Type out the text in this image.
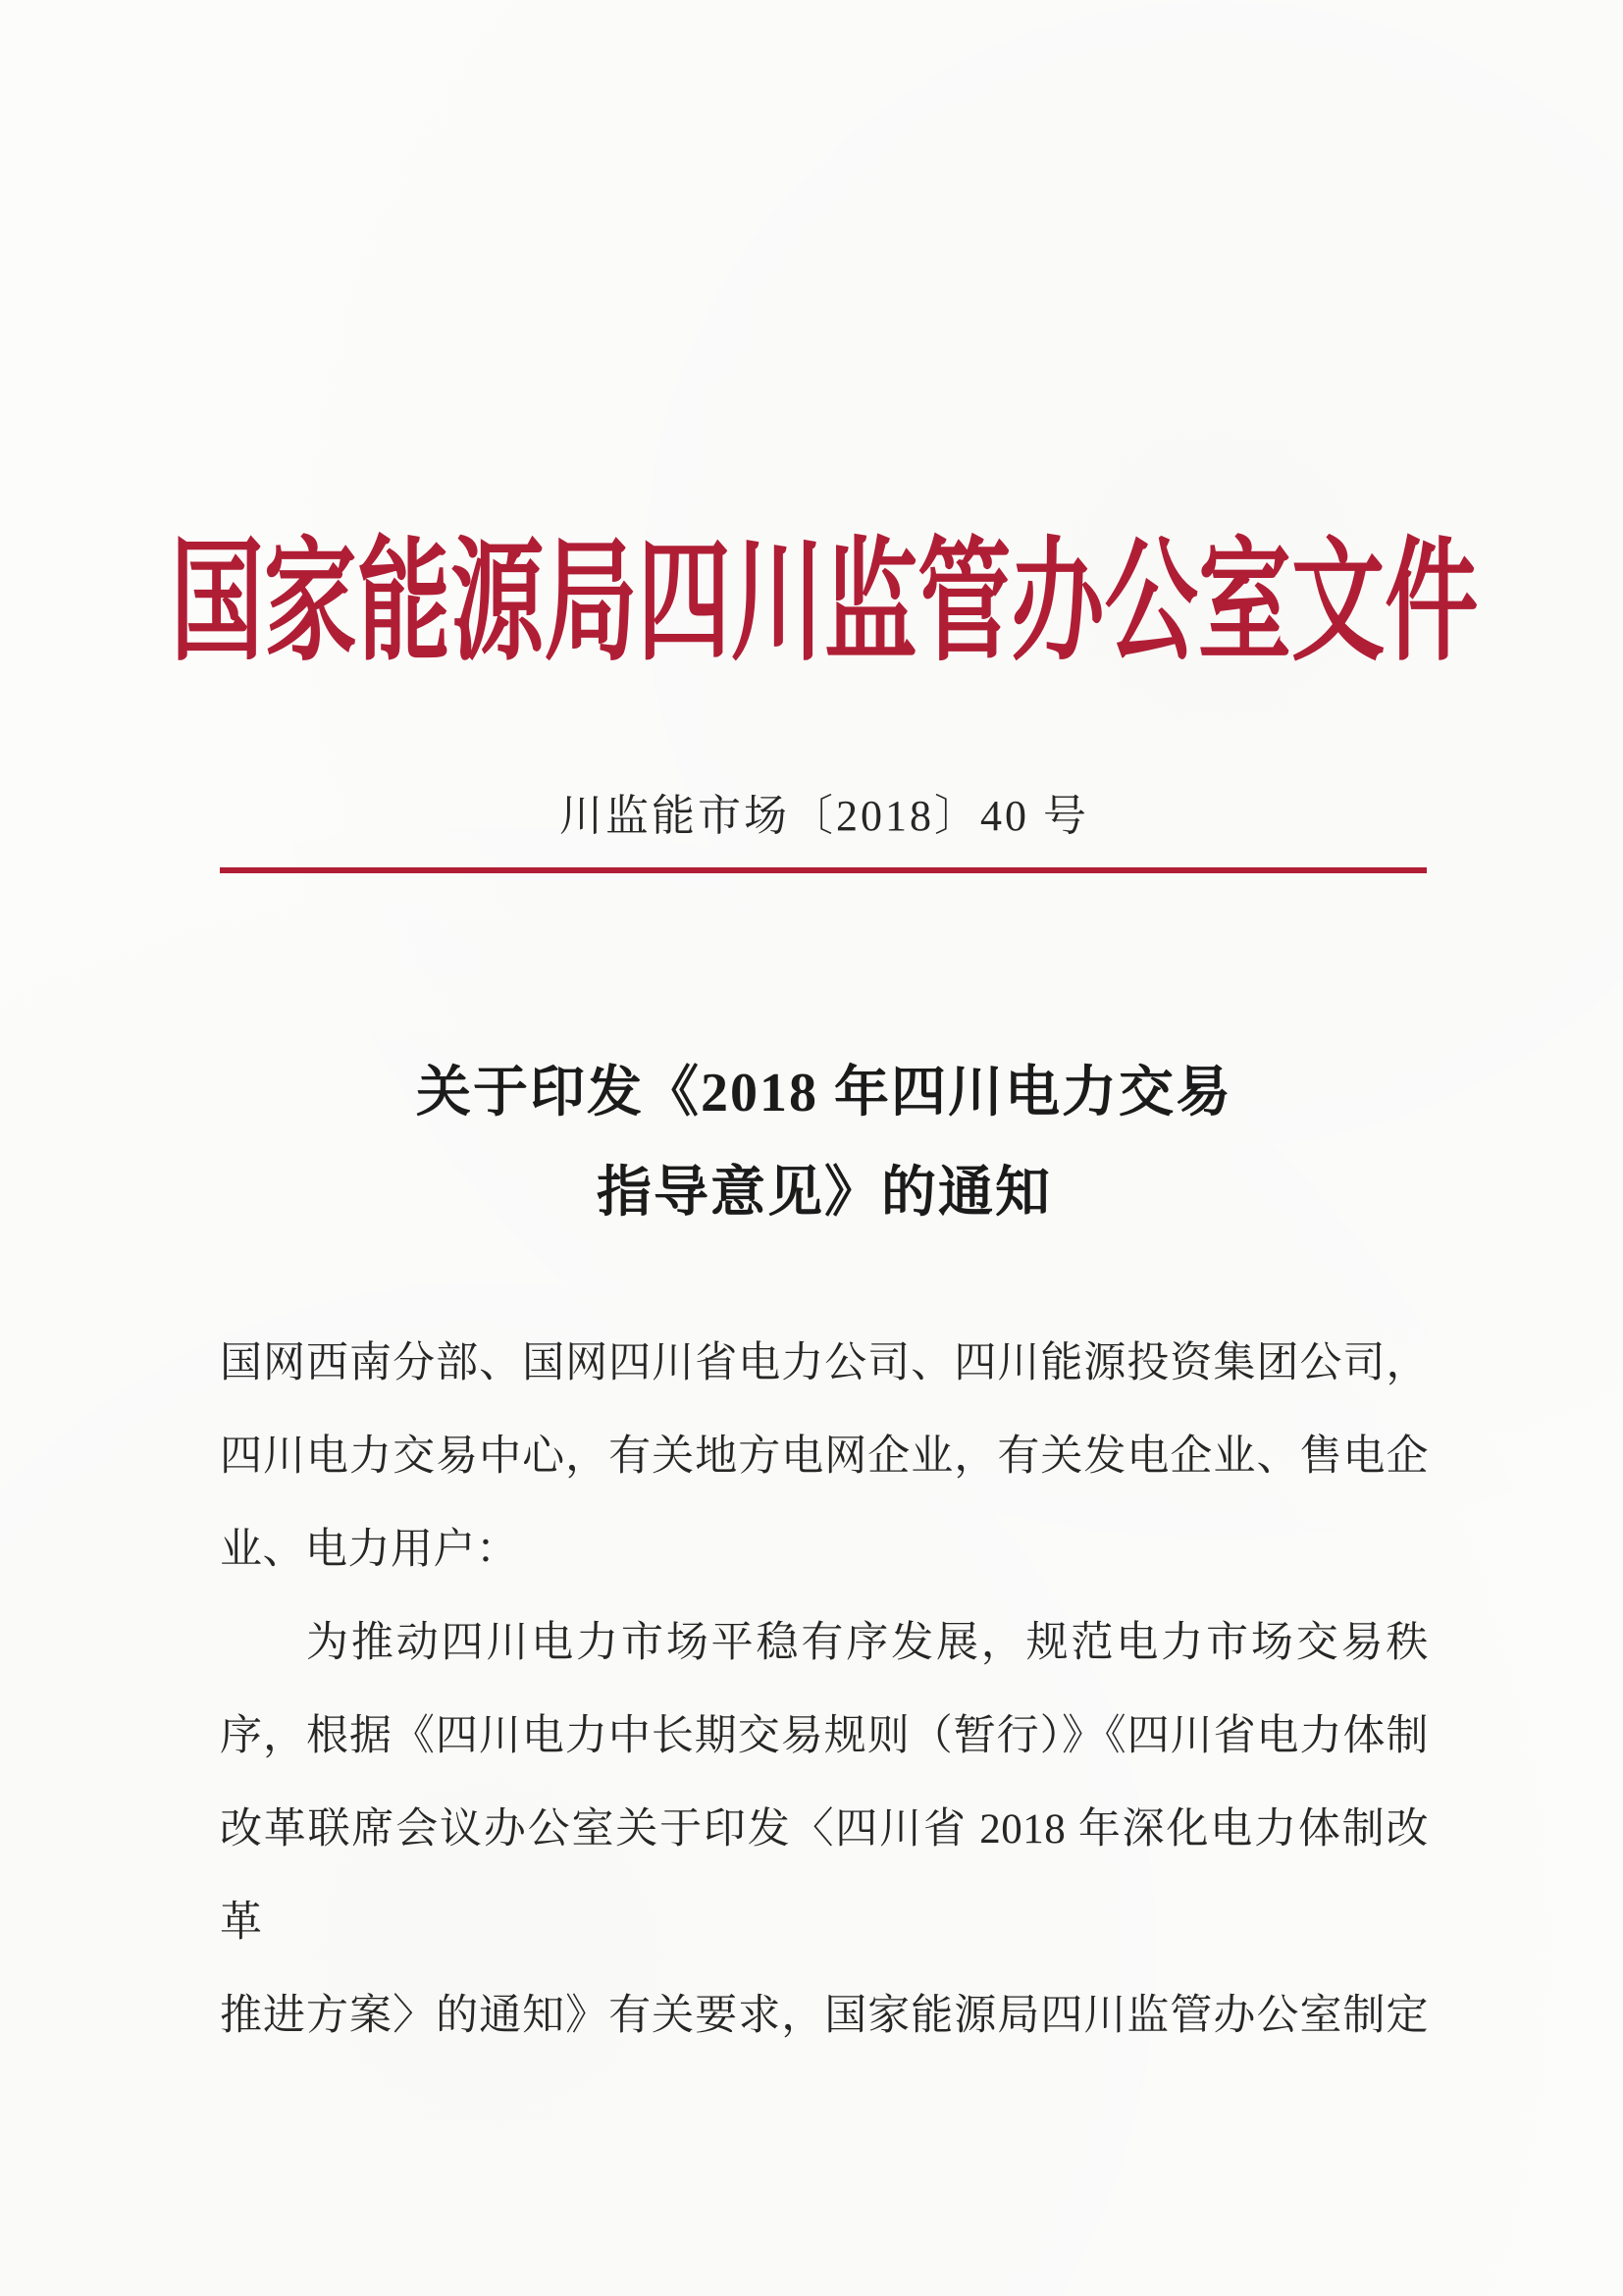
国家能源局四川监管办公室文件
川监能市场〔2018〕40 号
关于印发《2018 年四川电力交易
指导意见》的通知
国网西南分部、国网四川省电力公司、四川能源投资集团公司，
四川电力交易中心，有关地方电网企业，有关发电企业、售电企
业、电力用户：
为推动四川电力市场平稳有序发展，规范电力市场交易秩
序，根据《四川电力中长期交易规则（暂行）》《四川省电力体制
改革联席会议办公室关于印发〈四川省 2018 年深化电力体制改革
推进方案〉的通知》有关要求，国家能源局四川监管办公室制定
